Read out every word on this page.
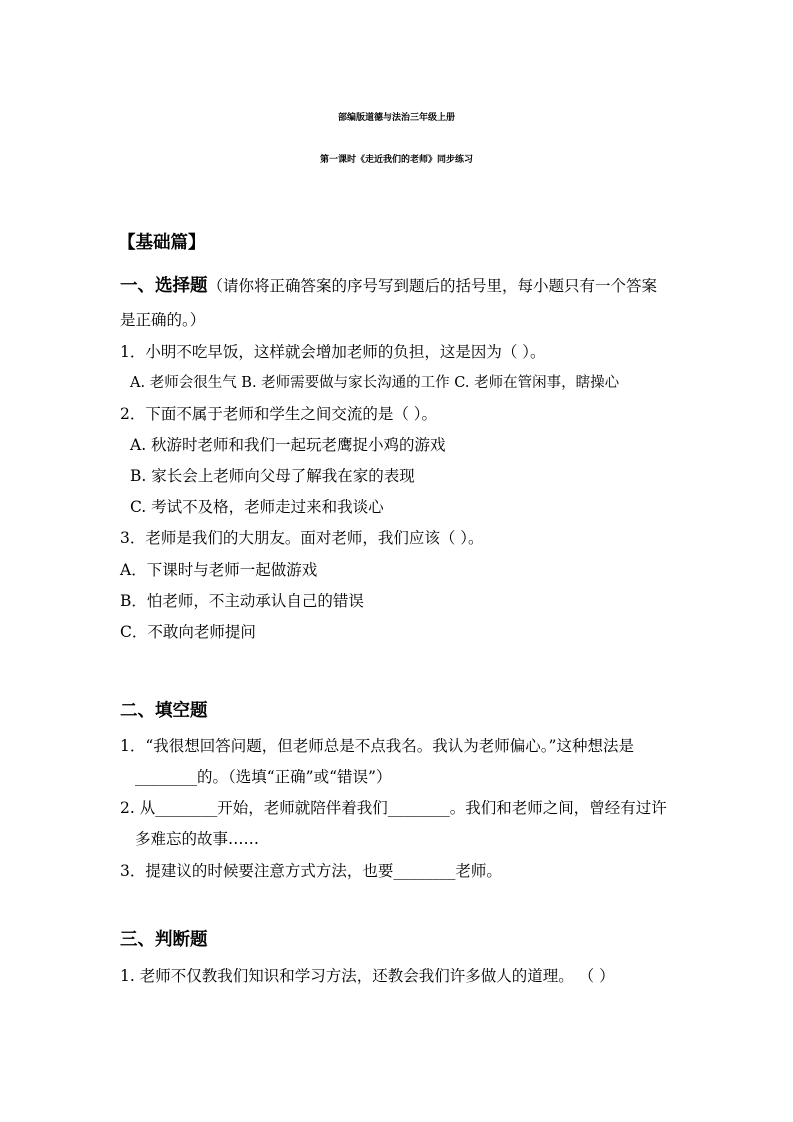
部编版道德与法治三年级上册
第一课时《走近我们的老师》同步练习
【基础篇】
一、选择题（请你将正确答案的序号写到题后的括号里，每小题只有一个答案
是正确的。）
1．小明不吃早饭，这样就会增加老师的负担，这是因为（ ）。
A. 老师会很生气 B. 老师需要做与家长沟通的工作 C. 老师在管闲事，瞎操心
2．下面不属于老师和学生之间交流的是（ ）。
A. 秋游时老师和我们一起玩老鹰捉小鸡的游戏
B. 家长会上老师向父母了解我在家的表现
C. 考试不及格，老师走过来和我谈心
3．老师是我们的大朋友。面对老师，我们应该（ ）。
A．下课时与老师一起做游戏
B．怕老师，不主动承认自己的错误
C．不敢向老师提问
二、填空题
1．“我很想回答问题，但老师总是不点我名。我认为老师偏心。”这种想法是
________的。（选填“正确”或“错误”）
2. 从________开始，老师就陪伴着我们________。我们和老师之间，曾经有过许
多难忘的故事……
3．提建议的时候要注意方式方法，也要________老师。
三、判断题
1. 老师不仅教我们知识和学习方法，还教会我们许多做人的道理。 （ ）
